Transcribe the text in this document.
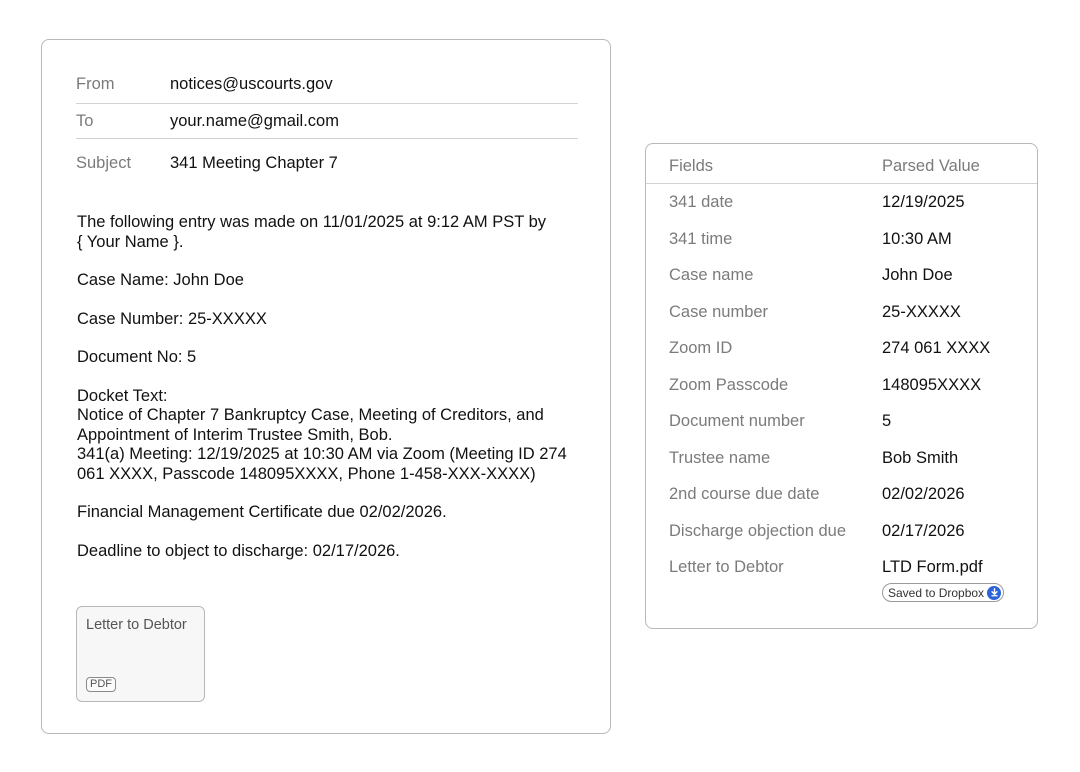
From	notices@uscourts.gov
To	your.name@gmail.com
Subject	341 Meeting Chapter 7

The following entry was made on 11/01/2025 at 9:12 AM PST by
{ Your Name }.

Case Name: John Doe

Case Number: 25-XXXXX

Document No: 5

Docket Text:
Notice of Chapter 7 Bankruptcy Case, Meeting of Creditors, and
Appointment of Interim Trustee Smith, Bob.
341(a) Meeting: 12/19/2025 at 10:30 AM via Zoom (Meeting ID 274
061 XXXX, Passcode 148095XXXX, Phone 1-458-XXX-XXXX)

Financial Management Certificate due 02/02/2026.

Deadline to object to discharge: 02/17/2026.

Letter to Debtor
PDF
Fields	Parsed Value
341 date	12/19/2025
341 time	10:30 AM
Case name	John Doe
Case number	25-XXXXX
Zoom ID	274 061 XXXX
Zoom Passcode	148095XXXX
Document number	5
Trustee name	Bob Smith
2nd course due date	02/02/2026
Discharge objection due 02/17/2026
Letter to Debtor	LTD Form.pdf
Saved to Dropbox
